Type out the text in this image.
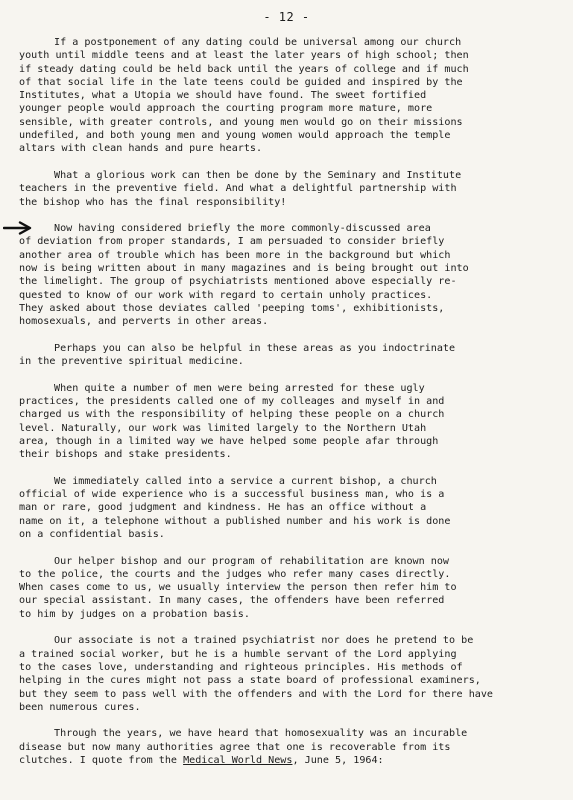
- 12 -

If a postponement of any dating could be universal among our church
youth until middle teens and at least the later years of high school; then
if steady dating could be held back until the years of college and if much
of that social life in the late teens could be guided and inspired by the
Institutes, what a Utopia we should have found. The sweet fortified
younger people would approach the courting program more mature, more
sensible, with greater controls, and young men would go on their missions
undefiled, and both young men and young women would approach the temple
altars with clean hands and pure hearts.

What a glorious work can then be done by the Seminary and Institute
teachers in the preventive field. And what a delightful partnership with
the bishop who has the final responsibility!

Now having considered briefly the more commonly-discussed area
of deviation from proper standards, I am persuaded to consider briefly
another area of trouble which has been more in the background but which
now is being written about in many magazines and is being brought out into
the limelight. The group of psychiatrists mentioned above especially re-
quested to know of our work with regard to certain unholy practices.
They asked about those deviates called 'peeping toms', exhibitionists,
homosexuals, and perverts in other areas.

Perhaps you can also be helpful in these areas as you indoctrinate
in the preventive spiritual medicine.

When quite a number of men were being arrested for these ugly
practices, the presidents called one of my colleages and myself in and
charged us with the responsibility of helping these people on a church
level. Naturally, our work was limited largely to the Northern Utah
area, though in a limited way we have helped some people afar through
their bishops and stake presidents.

We immediately called into a service a current bishop, a church
official of wide experience who is a successful business man, who is a
man or rare, good judgment and kindness. He has an office without a
name on it, a telephone without a published number and his work is done
on a confidential basis.

Our helper bishop and our program of rehabilitation are known now
to the police, the courts and the judges who refer many cases directly.
When cases come to us, we usually interview the person then refer him to
our special assistant. In many cases, the offenders have been referred
to him by judges on a probation basis.

Our associate is not a trained psychiatrist nor does he pretend to be
a trained social worker, but he is a humble servant of the Lord applying
to the cases love, understanding and righteous principles. His methods of
helping in the cures might not pass a state board of professional examiners,
but they seem to pass well with the offenders and with the Lord for there have
been numerous cures.

Through the years, we have heard that homosexuality was an incurable
disease but now many authorities agree that one is recoverable from its
clutches. I quote from the Medical World News, June 5, 1964:
